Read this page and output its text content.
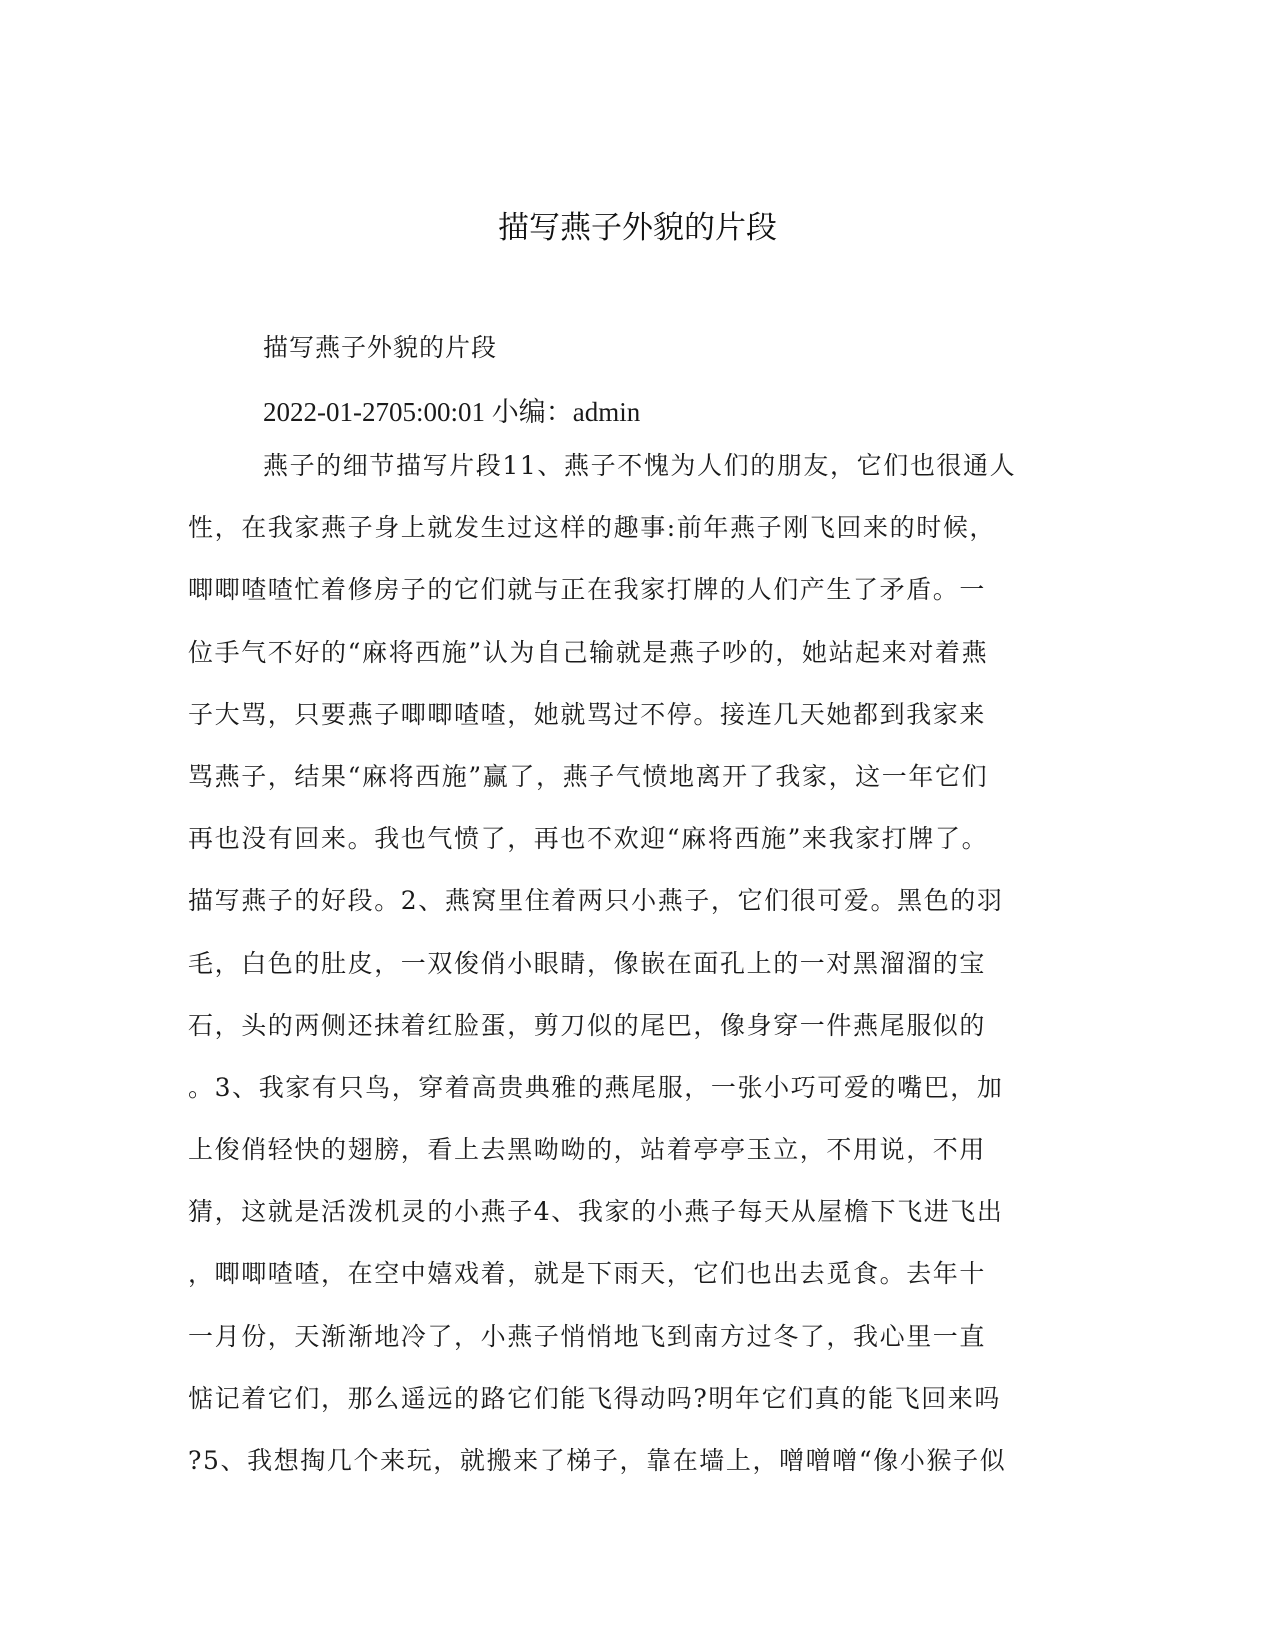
描写燕子外貌的片段
描写燕子外貌的片段
2022-01-2705:00:01 小编：admin
燕子的细节描写片段11、燕子不愧为人们的朋友，它们也很通人
性，在我家燕子身上就发生过这样的趣事:前年燕子刚飞回来的时候，
唧唧喳喳忙着修房子的它们就与正在我家打牌的人们产生了矛盾。一
位手气不好的“麻将西施”认为自己输就是燕子吵的，她站起来对着燕
子大骂，只要燕子唧唧喳喳，她就骂过不停。接连几天她都到我家来
骂燕子，结果“麻将西施”赢了，燕子气愤地离开了我家，这一年它们
再也没有回来。我也气愤了，再也不欢迎“麻将西施”来我家打牌了。
描写燕子的好段。2、燕窝里住着两只小燕子，它们很可爱。黑色的羽
毛，白色的肚皮，一双俊俏小眼睛，像嵌在面孔上的一对黑溜溜的宝
石，头的两侧还抹着红脸蛋，剪刀似的尾巴，像身穿一件燕尾服似的
。3、我家有只鸟，穿着高贵典雅的燕尾服，一张小巧可爱的嘴巴，加
上俊俏轻快的翅膀，看上去黑呦呦的，站着亭亭玉立，不用说，不用
猜，这就是活泼机灵的小燕子4、我家的小燕子每天从屋檐下飞进飞出
，唧唧喳喳，在空中嬉戏着，就是下雨天，它们也出去觅食。去年十
一月份，天渐渐地冷了，小燕子悄悄地飞到南方过冬了，我心里一直
惦记着它们，那么遥远的路它们能飞得动吗?明年它们真的能飞回来吗
?5、我想掏几个来玩，就搬来了梯子，靠在墙上，噌噌噌“像小猴子似
